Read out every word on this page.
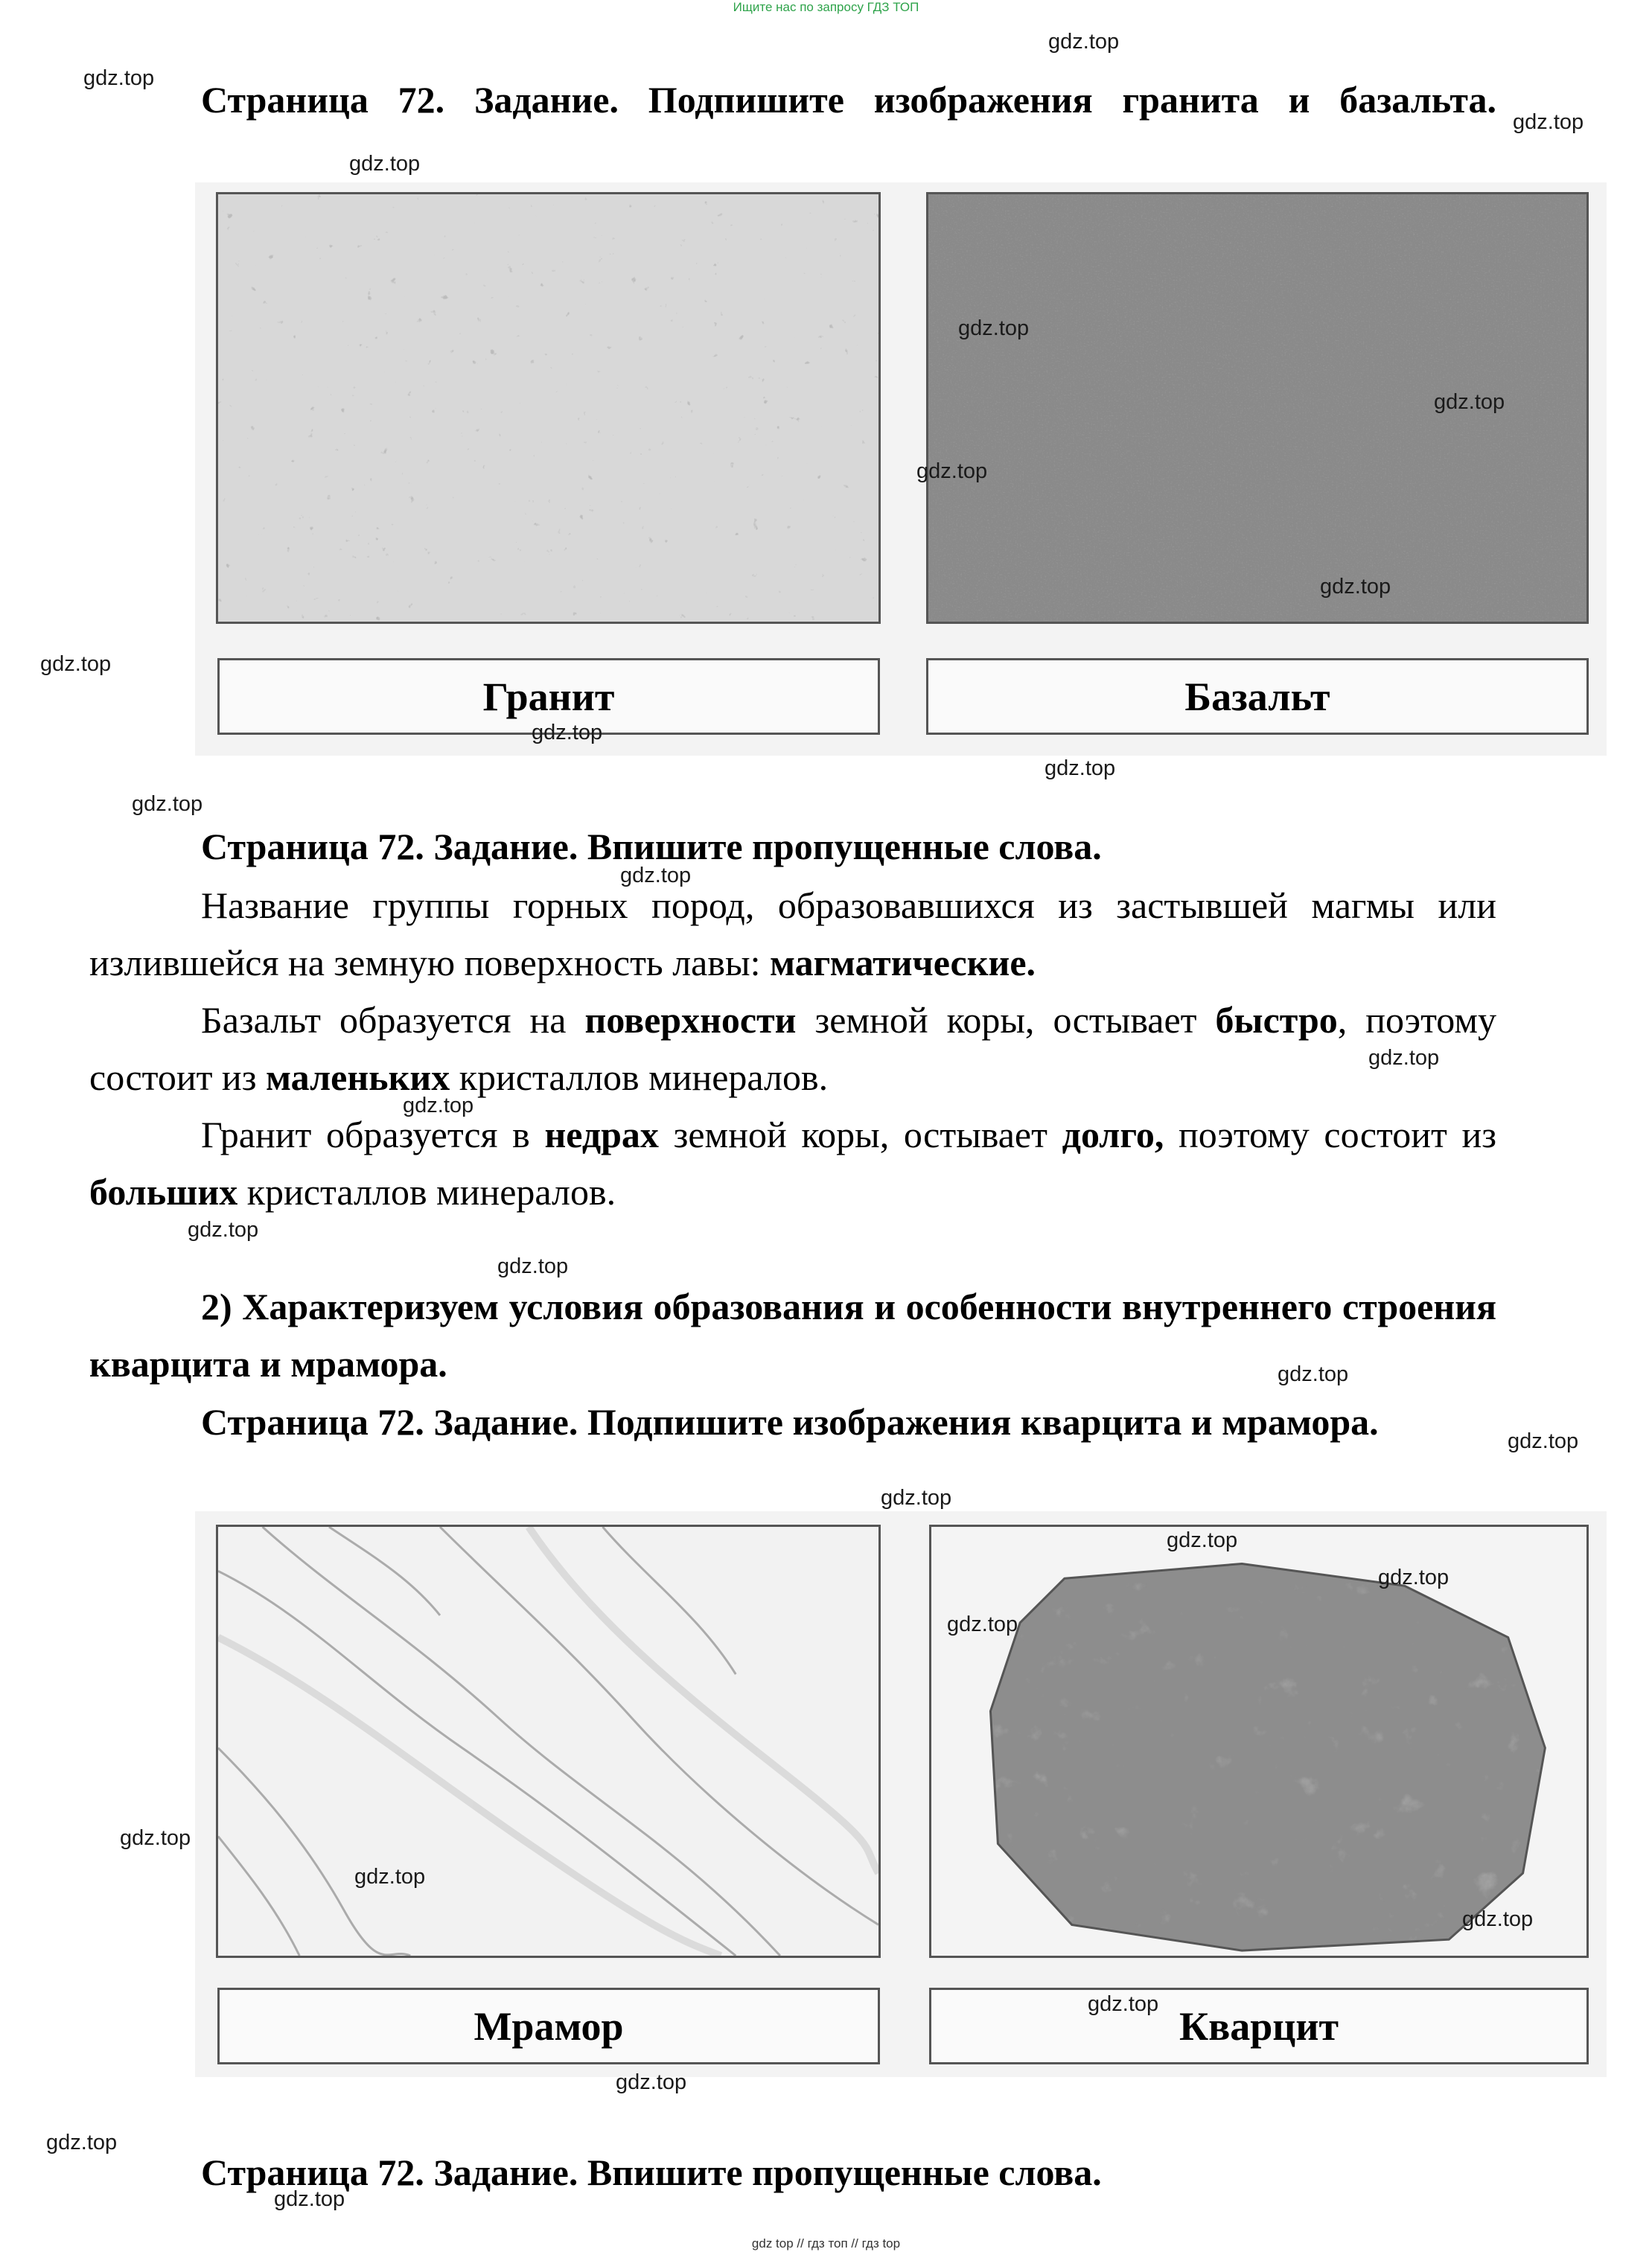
Ищите нас по запросу ГДЗ ТОП
gdz top // гдз топ // гдз top
Страница 72. Задание. Подпишите изображения гранита и базальта.
Гранит	Базальт
Страница 72. Задание. Впишите пропущенные слова.
Название группы горных пород, образовавшихся из застывшей магмы или излившейся на земную поверхность лавы: магматические.
Базальт образуется на поверхности земной коры, остывает быстро, поэтому состоит из маленьких кристаллов минералов.
Гранит образуется в недрах земной коры, остывает долго, поэтому состоит из больших кристаллов минералов.
2) Характеризуем условия образования и особенности внутреннего строения кварцита и мрамора.
Страница 72. Задание. Подпишите изображения кварцита и мрамора.
Мрамор	Кварцит
Страница 72. Задание. Впишите пропущенные слова.
gdz.top
gdz.top
gdz.top
gdz.top
gdz.top
gdz.top
gdz.top
gdz.top
gdz.top
gdz.top
gdz.top
gdz.top
gdz.top
gdz.top
gdz.top
gdz.top
gdz.top
gdz.top
gdz.top
gdz.top
gdz.top
gdz.top
gdz.top
gdz.top
gdz.top
gdz.top
gdz.top
gdz.top
gdz.top
gdz.top
